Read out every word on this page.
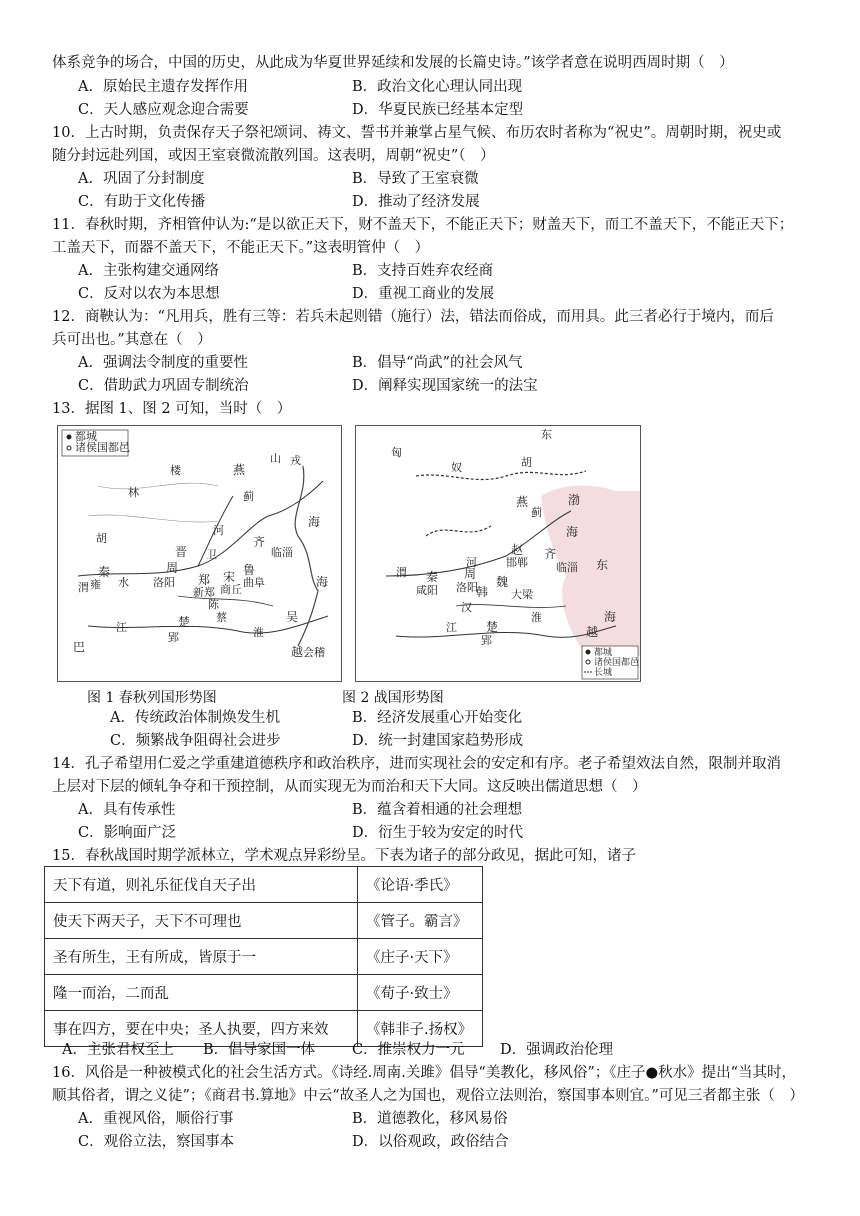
体系竞争的场合，中国的历史，从此成为华夏世界延续和发展的长篇史诗。”该学者意在说明西周时期（　）
A．原始民主遗存发挥作用	B．政治文化心理认同出现
C．天人感应观念迎合需要	D．华夏民族已经基本定型
10．上古时期，负责保存天子祭祀颂词、祷文、誓书并兼掌占星气候、布历农时者称为“祝史”。周朝时期，祝史或
随分封远赴列国，或因王室衰微流散列国。这表明，周朝“祝史”（　）
A．巩固了分封制度	B．导致了王室衰微
C．有助于文化传播	D．推动了经济发展
11．春秋时期，齐相管仲认为:“是以欲正天下，财不盖天下，不能正天下；财盖天下，而工不盖天下，不能正天下；
工盖天下，而器不盖天下，不能正天下。”这表明管仲（　）
A．主张构建交通网络	B．支持百姓弃农经商
C．反对以农为本思想	D．重视工商业的发展
12．商鞅认为：“凡用兵，胜有三等：若兵未起则错（施行）法，错法而俗成，而用具。此三者必行于境内，而后
兵可出也。”其意在（　）
A．强调法令制度的重要性	B．倡导“尚武”的社会风气
C．借助武力巩固专制统治	D．阐释实现国家统一的法宝
13．据图 1、图 2 可知，当时（　）
都城
诸侯国都邑
楼	燕
山 戎
林
胡
蓟
海
河
晋 卫
齐
临淄
鲁
曲阜
秦
雍
周
洛阳 郑
新郑
宋
商丘
陈
蔡
楚
郢
吴
海
越 会稽
巴
江
渭	水
淮
东
匈
奴	胡
燕
蓟
渤
海
赵
邯郸
齐
临淄
河
秦
咸阳
周
洛阳
韩
魏
大梁
楚
郢
东
海
越
渭
江
汉
淮
都城
诸侯国都邑
长城
图 1 春秋列国形势图	图 2 战国形势图
A．传统政治体制焕发生机	B．经济发展重心开始变化
C．频繁战争阻碍社会进步	D．统一封建国家趋势形成
14．孔子希望用仁爱之学重建道德秩序和政治秩序，进而实现社会的安定和有序。老子希望效法自然，限制并取消
上层对下层的倾轧争夺和干预控制，从而实现无为而治和天下大同。这反映出儒道思想（　）
A．具有传承性	B．蕴含着相通的社会理想
C．影响面广泛	D．衍生于较为安定的时代
15．春秋战国时期学派林立，学术观点异彩纷呈。下表为诸子的部分政见，据此可知，诸子
天下有道，则礼乐征伐自天子出	《论语·季氏》
使天下两天子，天下不可理也	《管子。霸言》
圣有所生，王有所成，皆原于一	《庄子·天下》
隆一而治，二而乱	《荀子·致士》
事在四方，要在中央；圣人执要，四方来效	《韩非子.扬权》
A．主张君权至上 B．倡导家国一体	C．推崇权力一元 D．强调政治伦理
16．风俗是一种被模式化的社会生活方式。《诗经.周南.关雎》倡导“美教化，移风俗”；《庄子●秋水》提出“当其时，
顺其俗者，谓之义徒”；《商君书.算地》中云“故圣人之为国也，观俗立法则治，察国事本则宜。”可见三者都主张（　）
A．重视风俗，顺俗行事	B．道德教化，移风易俗
C．观俗立法，察国事本	D．以俗观政，政俗结合
